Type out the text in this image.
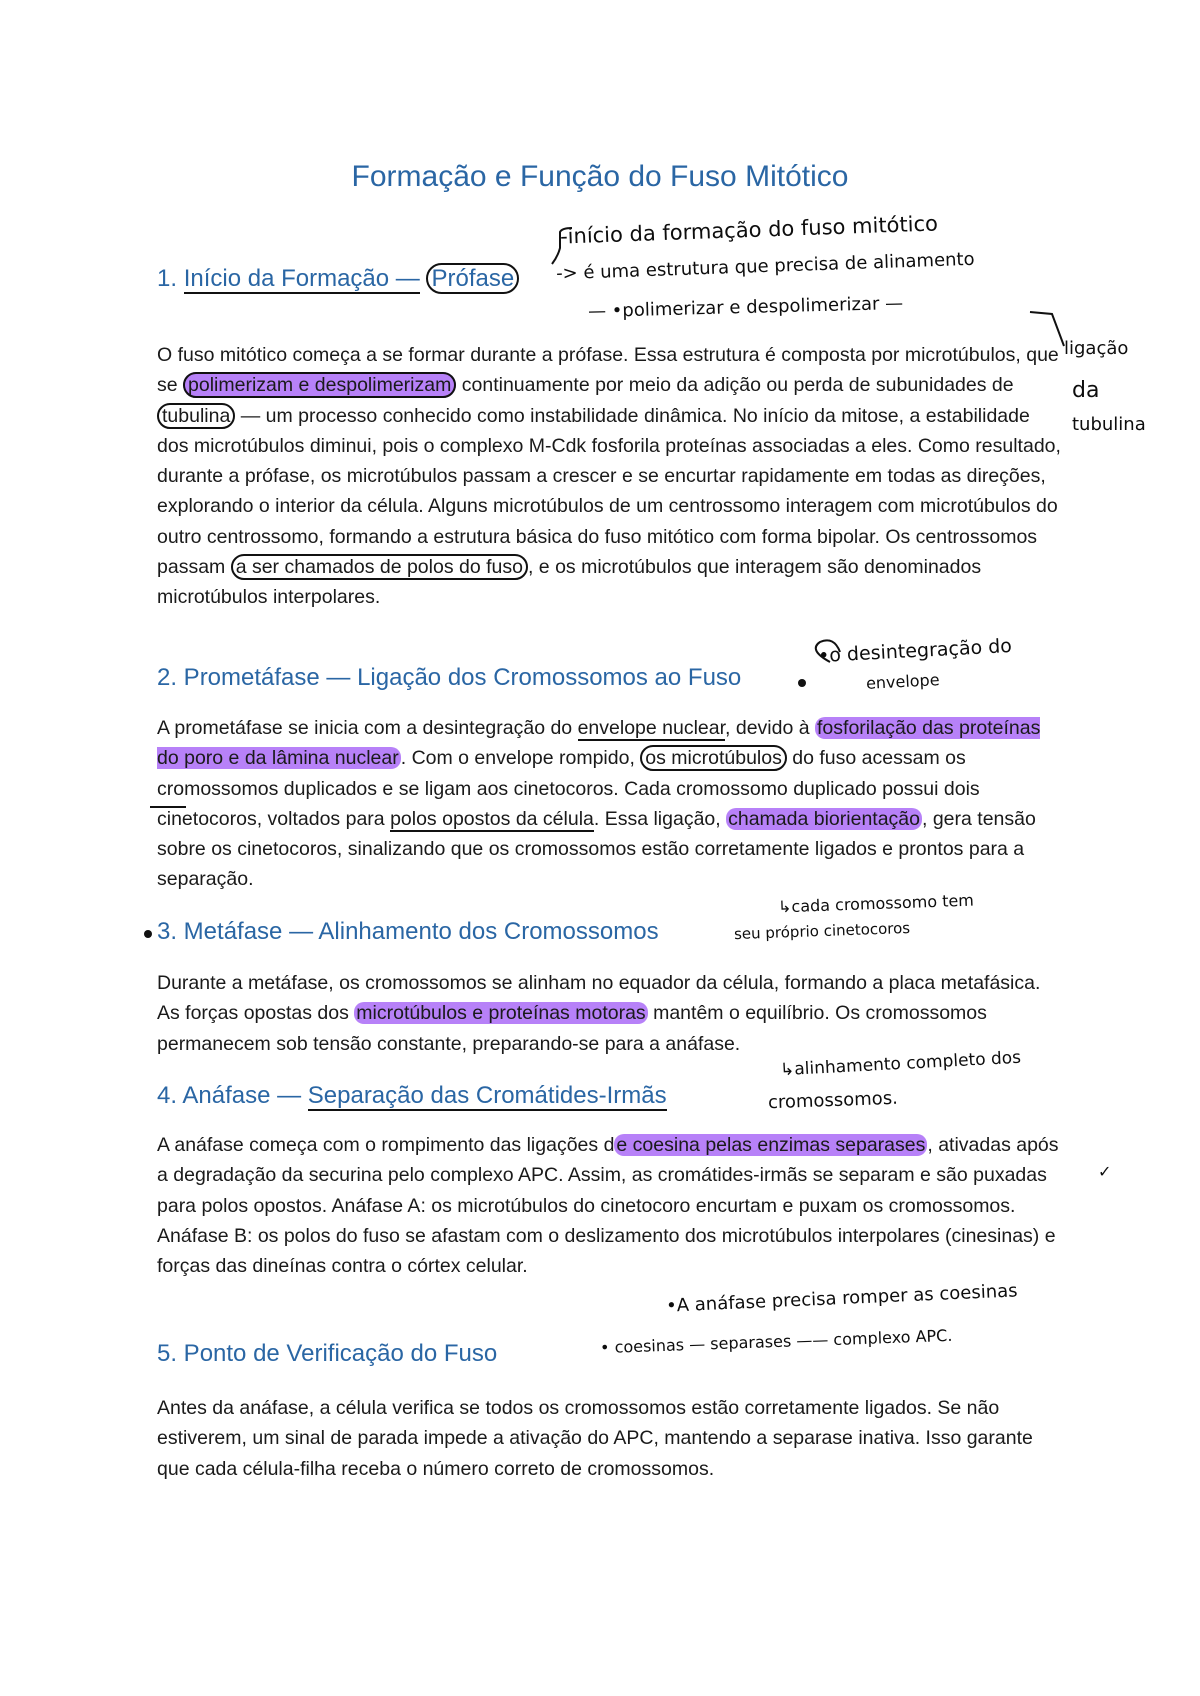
Formação e Função do Fuso Mitótico
1. Início da Formação — Prófase

O fuso mitótico começa a se formar durante a prófase. Essa estrutura é composta por microtúbulos, que se polimerizam e despolimerizam continuamente por meio da adição ou perda de subunidades de tubulina — um processo conhecido como instabilidade dinâmica. No início da mitose, a estabilidade dos microtúbulos diminui, pois o complexo M-Cdk fosforila proteínas associadas a eles. Como resultado, durante a prófase, os microtúbulos passam a crescer e se encurtar rapidamente em todas as direções, explorando o interior da célula. Alguns microtúbulos de um centrossomo interagem com microtúbulos do outro centrossomo, formando a estrutura básica do fuso mitótico com forma bipolar. Os centrossomos passam a ser chamados de polos do fuso , e os microtúbulos que interagem são denominados microtúbulos interpolares.

2. Prometáfase — Ligação dos Cromossomos ao Fuso

A prometáfase se inicia com a desintegração do envelope nuclear, devido à fosforilação das proteínas do poro e da lâmina nuclear . Com o envelope rompido, os microtúbulos do fuso acessam os cromossomos duplicados e se ligam aos cinetocoros. Cada cromossomo duplicado possui dois cinetocoros, voltados para polos opostos da célula. Essa ligação, chamada biorientação , gera tensão sobre os cinetocoros, sinalizando que os cromossomos estão corretamente ligados e prontos para a separação.

3. Metáfase — Alinhamento dos Cromossomos

Durante a metáfase, os cromossomos se alinham no equador da célula, formando a placa metafásica. As forças opostas dos microtúbulos e proteínas motoras mantêm o equilíbrio. Os cromossomos permanecem sob tensão constante, preparando-se para a anáfase.

4. Anáfase — Separação das Cromátides-Irmãs

A anáfase começa com o rompimento das ligações d e coesina pelas enzimas separases , ativadas após a degradação da securina pelo complexo APC. Assim, as cromátides-irmãs se separam e são puxadas para polos opostos. Anáfase A: os microtúbulos do cinetocoro encurtam e puxam os cromossomos. Anáfase B: os polos do fuso se afastam com o deslizamento dos microtúbulos interpolares (cinesinas) e forças das dineínas contra o córtex celular.

5. Ponto de Verificação do Fuso

Antes da anáfase, a célula verifica se todos os cromossomos estão corretamente ligados. Se não estiverem, um sinal de parada impede a ativação do APC, mantendo a separase inativa. Isso garante que cada célula-filha receba o número correto de cromossomos.

-início da formação do fuso mitótico
-> é uma estrutura que precisa de alinamento
— •polimerizar e despolimerizar —
ligação
da
tubulina
•o desintegração do
envelope
↳cada cromossomo tem
seu próprio cinetocoros
↳alinhamento completo dos
cromossomos.
•A anáfase precisa romper as coesinas
• coesinas — separases —— complexo APC.
✓
